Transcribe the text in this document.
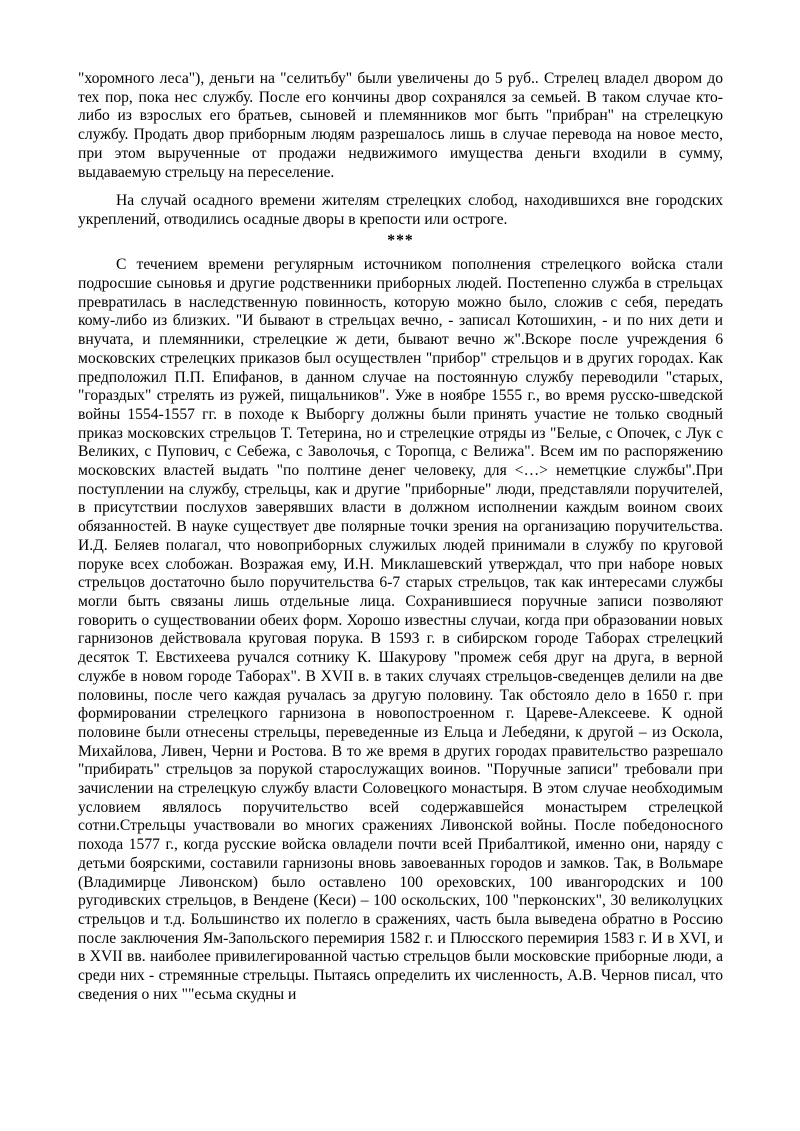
"хоромного леса"), деньги на "селитьбу" были увеличены до 5 руб.. Стрелец владел двором до тех пор, пока нес службу. После его кончины двор сохранялся за семьей. В таком случае кто-либо из взрослых его братьев, сыновей и племянников мог быть "прибран" на стрелецкую службу. Продать двор приборным людям разрешалось лишь в случае перевода на новое место, при этом вырученные от продажи недвижимого имущества деньги входили в сумму, выдаваемую стрельцу на переселение.

На случай осадного времени жителям стрелецких слобод, находившихся вне городских укреплений, отводились осадные дворы в крепости или остроге.

***

С течением времени регулярным источником пополнения стрелецкого войска стали подросшие сыновья и другие родственники приборных людей. Постепенно служба в стрельцах превратилась в наследственную повинность, которую можно было, сложив с себя, передать кому-либо из близких. "И бывают в стрельцах вечно, - записал Котошихин, - и по них дети и внучата, и племянники, стрелецкие ж дети, бывают вечно ж".Вскоре после учреждения 6 московских стрелецких приказов был осуществлен "прибор" стрельцов и в других городах. Как предположил П.П. Епифанов, в данном случае на постоянную службу переводили "старых, "гораздых" стрелять из ружей, пищальников". Уже в ноябре 1555 г., во время русско-шведской войны 1554-1557 гг. в походе к Выборгу должны были принять участие не только сводный приказ московских стрельцов Т. Тетерина, но и стрелецкие отряды из "Белые, с Опочек, с Лук с Великих, с Пупович, с Себежа, с Заволочья, с Торопца, с Велижа". Всем им по распоряжению московских властей выдать "по полтине денег человеку, для <…> неметцкие службы".При поступлении на службу, стрельцы, как и другие "приборные" люди, представляли поручителей, в присутствии послухов заверявших власти в должном исполнении каждым воином своих обязанностей. В науке существует две полярные точки зрения на организацию поручительства. И.Д. Беляев полагал, что новоприборных служилых людей принимали в службу по круговой поруке всех слобожан. Возражая ему, И.Н. Миклашевский утверждал, что при наборе новых стрельцов достаточно было поручительства 6-7 старых стрельцов, так как интересами службы могли быть связаны лишь отдельные лица. Сохранившиеся поручные записи позволяют говорить о существовании обеих форм. Хорошо известны случаи, когда при образовании новых гарнизонов действовала круговая порука. В 1593 г. в сибирском городе Таборах стрелецкий десяток Т. Евстихеева ручался сотнику К. Шакурову "промеж себя друг на друга, в верной службе в новом городе Таборах". В XVII в. в таких случаях стрельцов-сведенцев делили на две половины, после чего каждая ручалась за другую половину. Так обстояло дело в 1650 г. при формировании стрелецкого гарнизона в новопостроенном г. Цареве-Алексееве. К одной половине были отнесены стрельцы, переведенные из Ельца и Лебедяни, к другой – из Оскола, Михайлова, Ливен, Черни и Ростова. В то же время в других городах правительство разрешало "прибирать" стрельцов за порукой старослужащих воинов. "Поручные записи" требовали при зачислении на стрелецкую службу власти Соловецкого монастыря. В этом случае необходимым условием являлось поручительство всей содержавшейся монастырем стрелецкой сотни.Стрельцы участвовали во многих сражениях Ливонской войны. После победоносного похода 1577 г., когда русские войска овладели почти всей Прибалтикой, именно они, наряду с детьми боярскими, составили гарнизоны вновь завоеванных городов и замков. Так, в Вольмаре (Владимирце Ливонском) было оставлено 100 ореховских, 100 ивангородских и 100 ругодивских стрельцов, в Вендене (Кеси) – 100 оскольских, 100 "перконских", 30 великолуцких стрельцов и т.д. Большинство их полегло в сражениях, часть была выведена обратно в Россию после заключения Ям-Запольского перемирия 1582 г. и Плюсского перемирия 1583 г. И в XVI, и в XVII вв. наиболее привилегированной частью стрельцов были московские приборные люди, а среди них - стремянные стрельцы. Пытаясь определить их численность, А.В. Чернов писал, что сведения о них ""есьма скудны и
